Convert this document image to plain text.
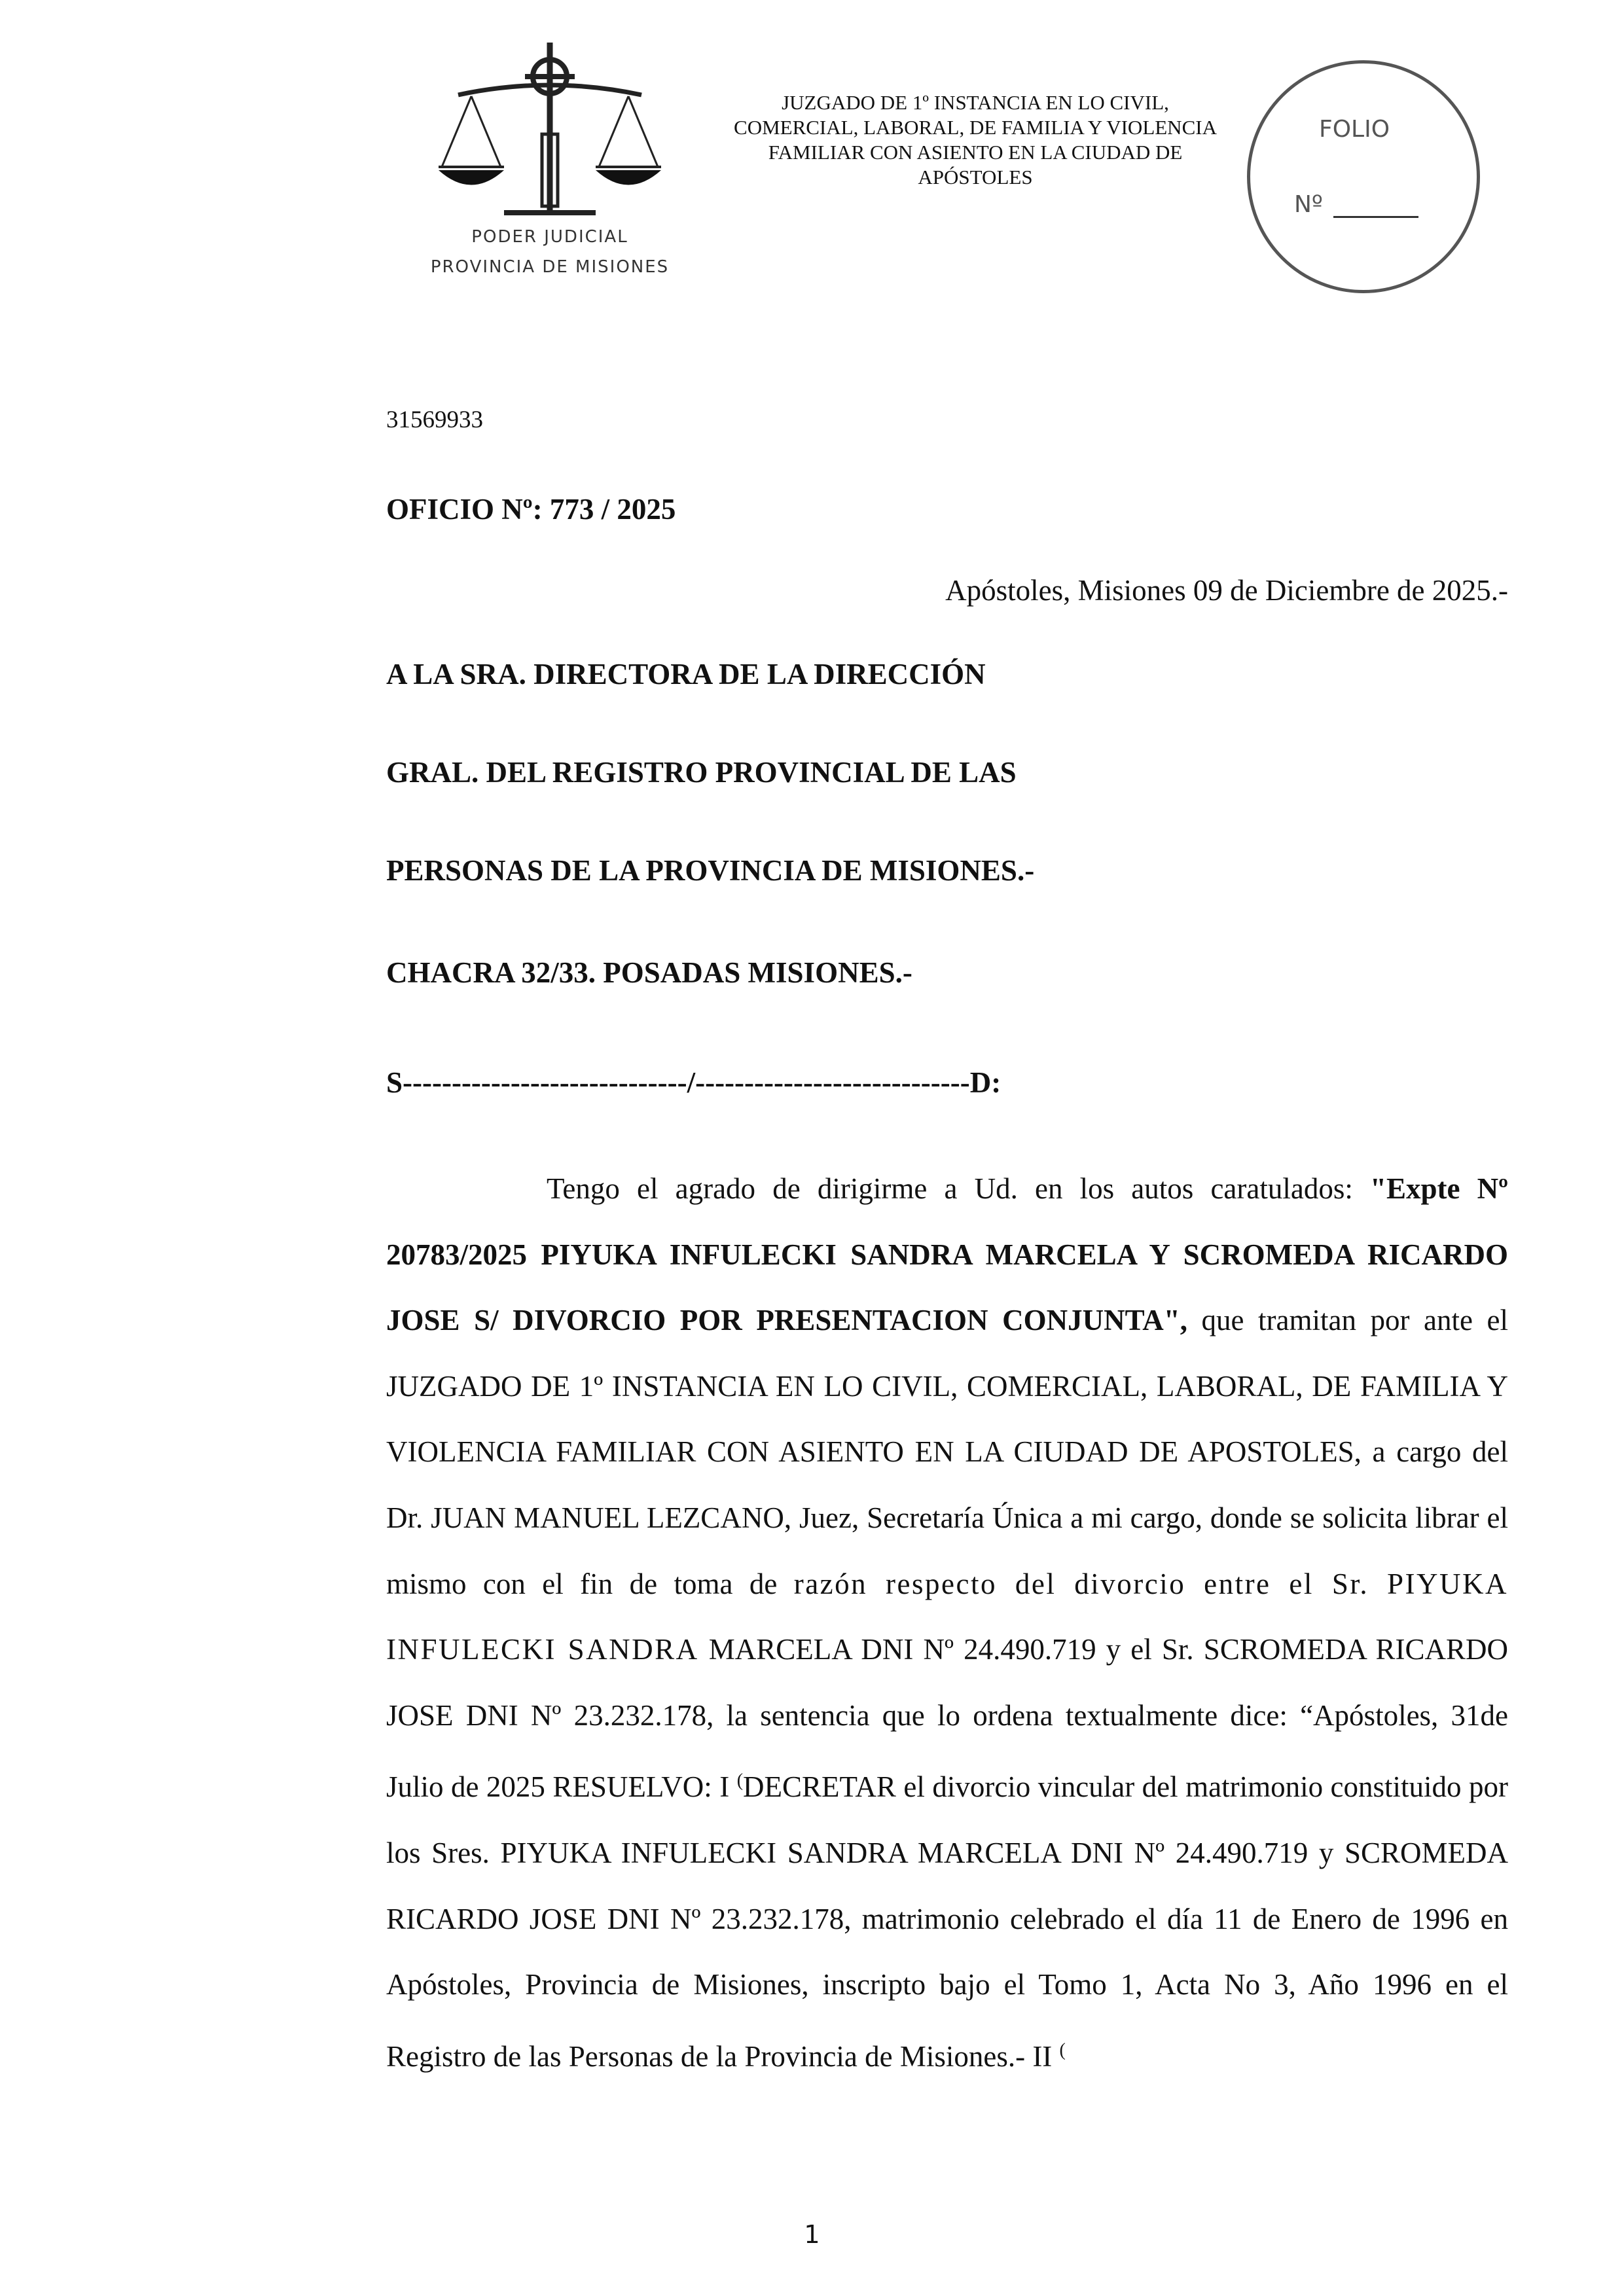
PODER JUDICIAL
PROVINCIA DE MISIONES
JUZGADO DE 1º INSTANCIA EN LO CIVIL,
COMERCIAL, LABORAL, DE FAMILIA Y VIOLENCIA
FAMILIAR CON ASIENTO EN LA CIUDAD DE
APÓSTOLES
FOLIO
Nº
31569933
OFICIO Nº: 773 / 2025
Apóstoles, Misiones 09 de Diciembre de 2025.-
A LA SRA. DIRECTORA DE LA DIRECCIÓN
GRAL. DEL REGISTRO PROVINCIAL DE LAS
PERSONAS DE LA PROVINCIA DE MISIONES.-
CHACRA 32/33. POSADAS MISIONES.-
S-----------------------------/----------------------------D:
Tengo el agrado de dirigirme a Ud. en los autos caratulados: "Expte Nº 20783/2025 PIYUKA INFULECKI SANDRA MARCELA Y SCROMEDA RICARDO JOSE S/ DIVORCIO POR PRESENTACION CONJUNTA", que tramitan por ante el JUZGADO DE 1º INSTANCIA EN LO CIVIL, COMERCIAL, LABORAL, DE FAMILIA Y VIOLENCIA FAMILIAR CON ASIENTO EN LA CIUDAD DE APOSTOLES, a cargo del Dr. JUAN MANUEL LEZCANO, Juez, Secretaría Única a mi cargo, donde se solicita librar el mismo con el fin de toma de razón respecto del divorcio entre el Sr. PIYUKA INFULECKI SANDRA MARCELA DNI Nº 24.490.719 y el Sr. SCROMEDA RICARDO JOSE DNI Nº 23.232.178, la sentencia que lo ordena textualmente dice: “Apóstoles, 31de Julio de 2025 RESUELVO: I (DECRETAR el divorcio vincular del matrimonio constituido por los Sres. PIYUKA INFULECKI SANDRA MARCELA DNI Nº 24.490.719 y SCROMEDA RICARDO JOSE DNI Nº 23.232.178, matrimonio celebrado el día 11 de Enero de 1996 en Apóstoles, Provincia de Misiones, inscripto bajo el Tomo 1, Acta No 3, Año 1996 en el Registro de las Personas de la Provincia de Misiones.- II (
1
